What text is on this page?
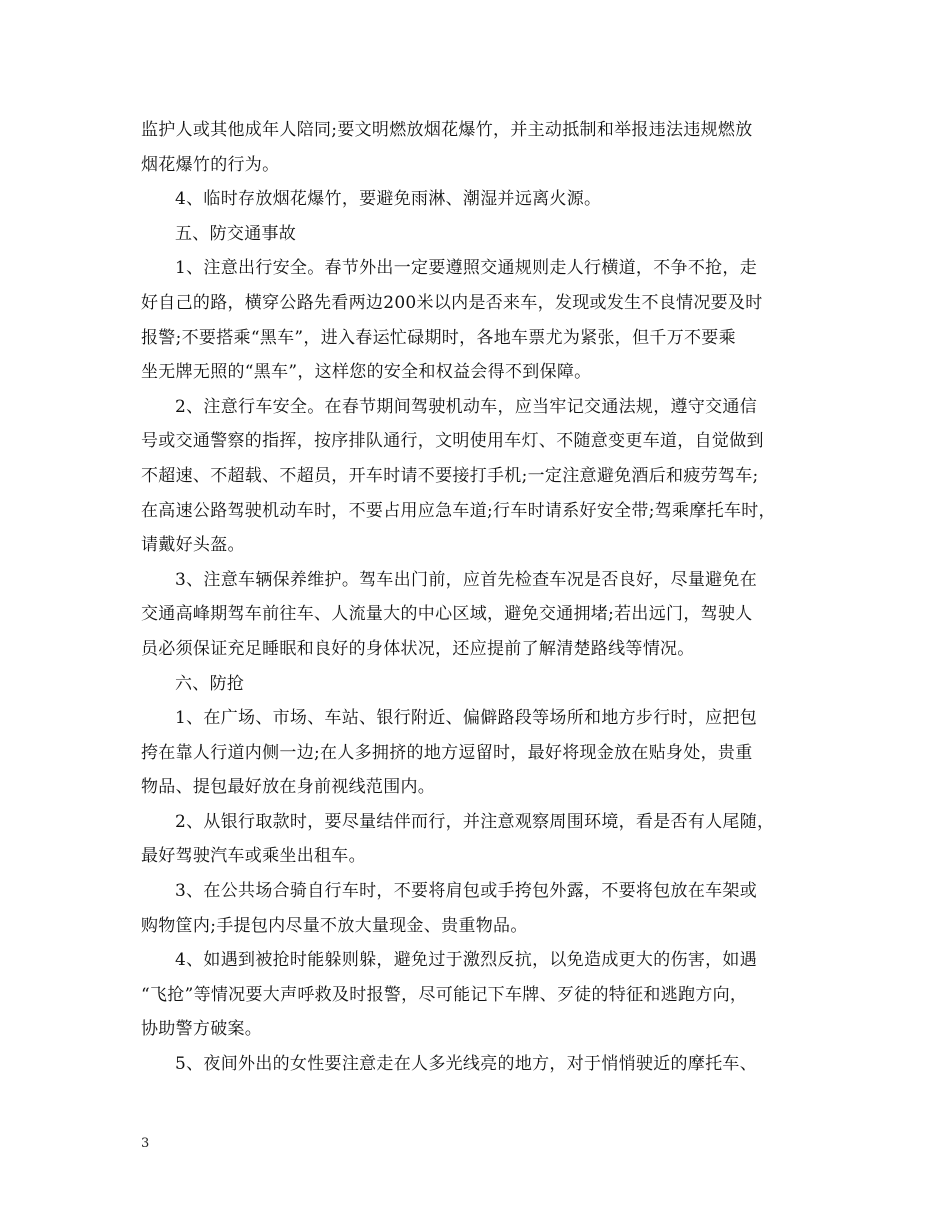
监护人或其他成年人陪同;要文明燃放烟花爆竹，并主动抵制和举报违法违规燃放
烟花爆竹的行为。
4、临时存放烟花爆竹，要避免雨淋、潮湿并远离火源。
五、防交通事故
1、注意出行安全。春节外出一定要遵照交通规则走人行横道，不争不抢，走
好自己的路，横穿公路先看两边200米以内是否来车，发现或发生不良情况要及时
报警;不要搭乘“黑车”，进入春运忙碌期时，各地车票尤为紧张，但千万不要乘
坐无牌无照的“黑车”，这样您的安全和权益会得不到保障。
2、注意行车安全。在春节期间驾驶机动车，应当牢记交通法规，遵守交通信
号或交通警察的指挥，按序排队通行，文明使用车灯、不随意变更车道，自觉做到
不超速、不超载、不超员，开车时请不要接打手机;一定注意避免酒后和疲劳驾车;
在高速公路驾驶机动车时，不要占用应急车道;行车时请系好安全带;驾乘摩托车时，
请戴好头盔。
3、注意车辆保养维护。驾车出门前，应首先检查车况是否良好，尽量避免在
交通高峰期驾车前往车、人流量大的中心区域，避免交通拥堵;若出远门，驾驶人
员必须保证充足睡眠和良好的身体状况，还应提前了解清楚路线等情况。
六、防抢
1、在广场、市场、车站、银行附近、偏僻路段等场所和地方步行时，应把包
挎在靠人行道内侧一边;在人多拥挤的地方逗留时，最好将现金放在贴身处，贵重
物品、提包最好放在身前视线范围内。
2、从银行取款时，要尽量结伴而行，并注意观察周围环境，看是否有人尾随，
最好驾驶汽车或乘坐出租车。
3、在公共场合骑自行车时，不要将肩包或手挎包外露，不要将包放在车架或
购物筐内;手提包内尽量不放大量现金、贵重物品。
4、如遇到被抢时能躲则躲，避免过于激烈反抗，以免造成更大的伤害，如遇
“飞抢”等情况要大声呼救及时报警，尽可能记下车牌、歹徒的特征和逃跑方向，
协助警方破案。
5、夜间外出的女性要注意走在人多光线亮的地方，对于悄悄驶近的摩托车、
3
